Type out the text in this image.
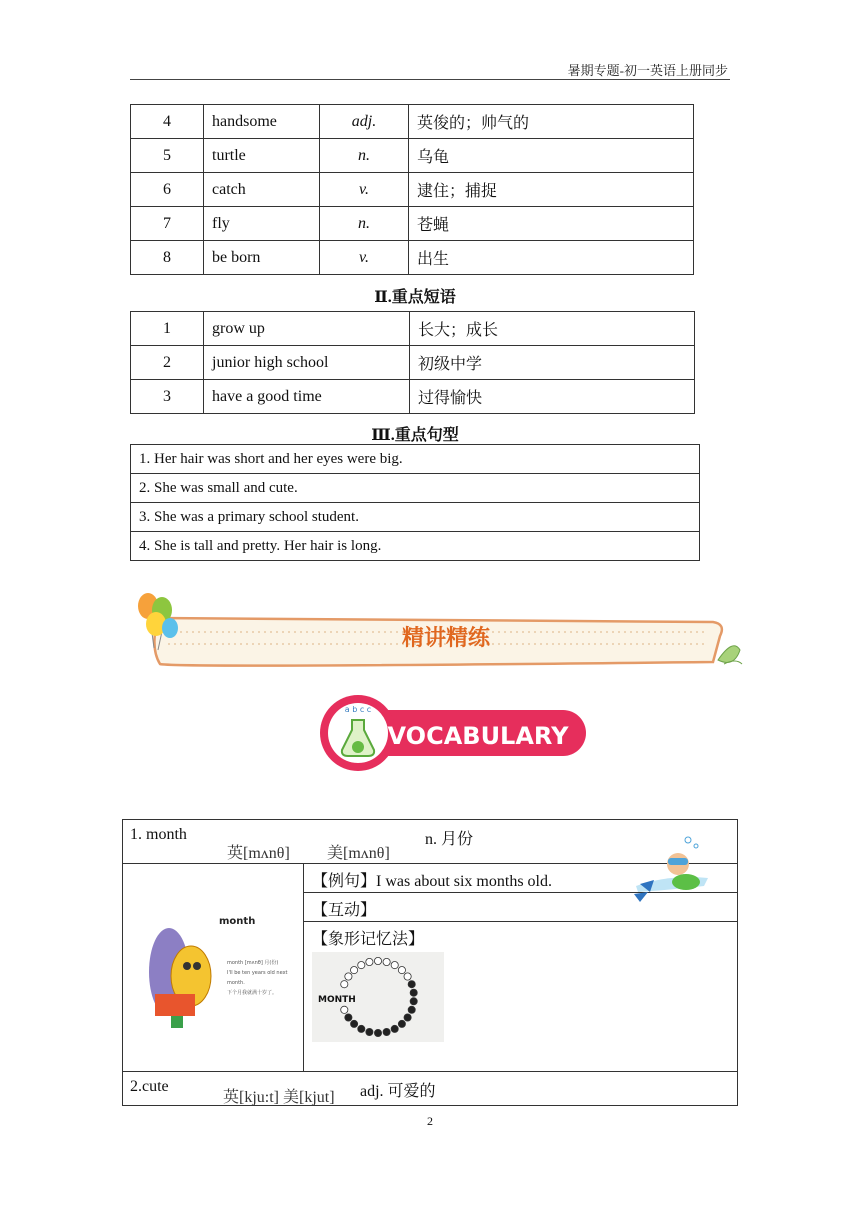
暑期专题-初一英语上册同步
4	handsome	adj.	英俊的；帅气的
5	turtle	n.	乌龟
6	catch	v.	逮住；捕捉
7	fly	n.	苍蝇
8	be born	v.	出生
Ⅱ.重点短语
1	grow up	长大；成长
2	junior high school	初级中学
3	have a good time	过得愉快
Ⅲ.重点句型
1. Her hair was short and her eyes were big.
2. She was small and cute.
3. She was a primary school student.
4. She is tall and pretty. Her hair is long.
精讲精练
a b c c
VOCABULARY
1. month
英[mʌnθ] 美[mʌnθ]
n. 月份

month
month [mʌnθ] 月(份)
I'll be ten years old next
month.
下个月我就满十岁了。
	【例句】I was about six months old.

【互动】

【象形记忆法】
MONTH

2.cute
英[kju:t] 美[kjut] adj. 可爱的
2
